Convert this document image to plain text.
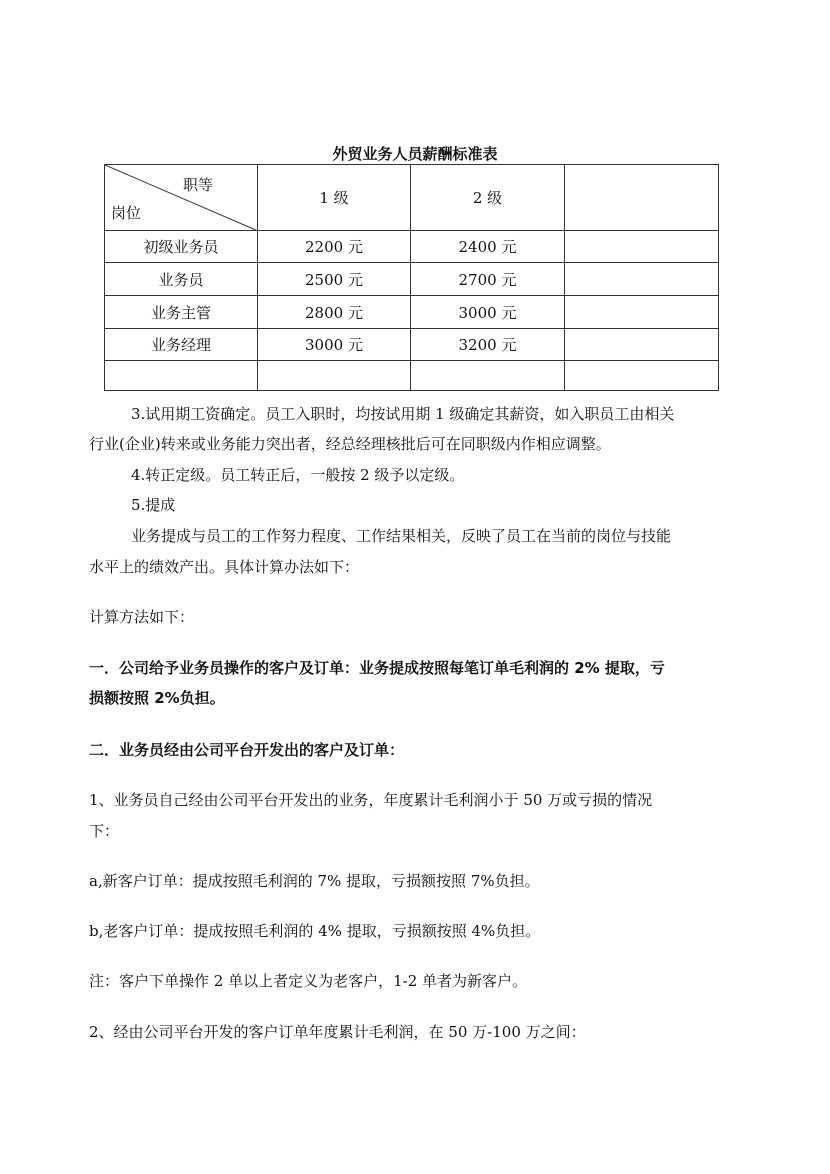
外贸业务人员薪酬标准表
职等
岗位	1 级	2 级	
初级业务员	2200 元	2400 元	
业务员	2500 元	2700 元	
业务主管	2800 元	3000 元	
业务经理	3000 元	3200 元	

3.试用期工资确定。员工入职时，均按试用期 1 级确定其薪资，如入职员工由相关

行业(企业)转来或业务能力突出者，经总经理核批后可在同职级内作相应调整。

4.转正定级。员工转正后，一般按 2 级予以定级。

5.提成

业务提成与员工的工作努力程度、工作结果相关，反映了员工在当前的岗位与技能

水平上的绩效产出。具体计算办法如下：

计算方法如下：

一．公司给予业务员操作的客户及订单：业务提成按照每笔订单毛利润的 2% 提取，亏

损额按照 2%负担。

二．业务员经由公司平台开发出的客户及订单：

1、业务员自己经由公司平台开发出的业务，年度累计毛利润小于 50 万或亏损的情况

下：

a,新客户订单：提成按照毛利润的 7% 提取，亏损额按照 7%负担。

b,老客户订单：提成按照毛利润的 4% 提取，亏损额按照 4%负担。

注：客户下单操作 2 单以上者定义为老客户，1-2 单者为新客户。

2、经由公司平台开发的客户订单年度累计毛利润，在 50 万-100 万之间：
